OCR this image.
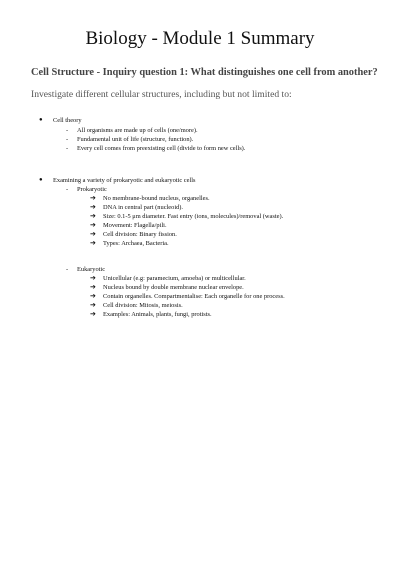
Biology - Module 1 Summary
Cell Structure - Inquiry question 1: What distinguishes one cell from another?
Investigate different cellular structures, including but not limited to:
● Cell theory
- All organisms are made up of cells (one/more).
- Fundamental unit of life (structure, function).
- Every cell comes from preexisting cell (divide to form new cells).
● Examining a variety of prokaryotic and eukaryotic cells
- Prokaryotic
➔ No membrane-bound nucleus, organelles.
➔ DNA in central part (nucleoid).
➔ Size: 0.1-5 μm diameter. Fast entry (ions, molecules)/removal (waste).
➔ Movement: Flagella/pili.
➔ Cell division: Binary fission.
➔ Types: Archaea, Bacteria.
- Eukaryotic
➔ Unicellular (e.g: paramecium, amoeba) or multicellular.
➔ Nucleus bound by double membrane nuclear envelope.
➔ Contain organelles. Compartmentalise: Each organelle for one process.
➔ Cell division: Mitosis, meiosis.
➔ Examples: Animals, plants, fungi, protists.
